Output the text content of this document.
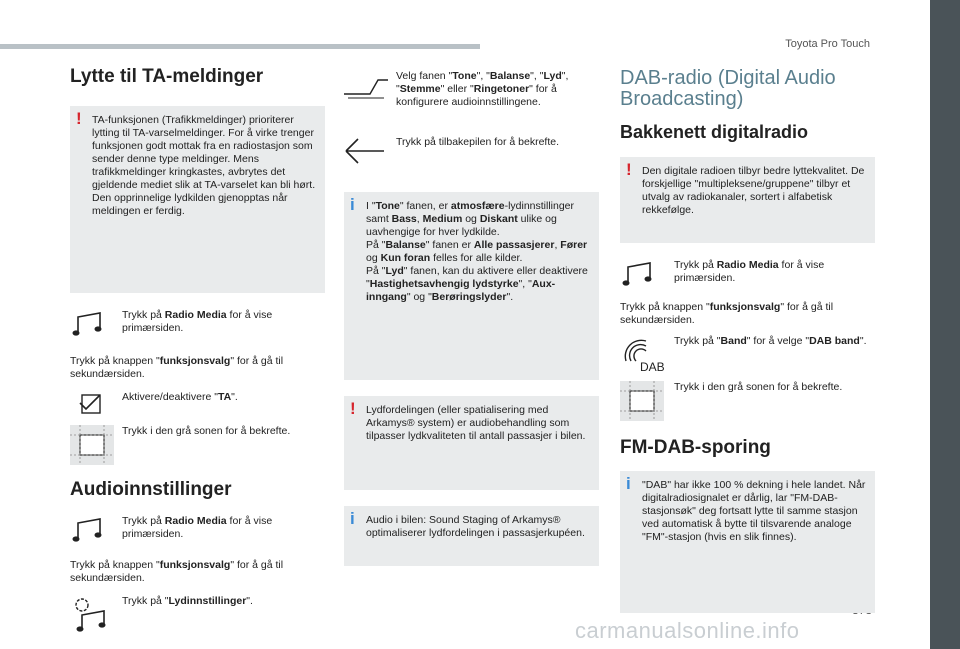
Toyota Pro Touch
carmanualsonline.info
Lytte til TA-meldinger
! TA-funksjonen (Trafikkmeldinger) prioriterer lytting til TA-varselmeldinger. For å virke trenger funksjonen godt mottak fra en radiostasjon som sender denne type meldinger. Mens trafikkmeldinger kringkastes, avbrytes det gjeldende mediet slik at TA-varselet kan bli hørt. Den opprinnelige lydkilden gjenopptas når meldingen er ferdig.
Trykk på Radio Media for å vise primærsiden.
Trykk på knappen "funksjonsvalg" for å gå til sekundærsiden.
Aktivere/deaktivere "TA".
Trykk i den grå sonen for å bekrefte.
Audioinnstillinger
Trykk på Radio Media for å vise primærsiden.
Trykk på knappen "funksjonsvalg" for å gå til sekundærsiden.
Trykk på "Lydinnstillinger".
Velg fanen "Tone", "Balanse", "Lyd", "Stemme" eller "Ringetoner" for å konfigurere audioinnstillingene.
Trykk på tilbakepilen for å bekrefte.
i I "Tone" fanen, er atmosfære-lydinnstillinger samt Bass, Medium og Diskant ulike og uavhengige for hver lydkilde.
På "Balanse" fanen er Alle passasjerer, Fører og Kun foran felles for alle kilder.
På "Lyd" fanen, kan du aktivere eller deaktivere "Hastighetsavhengig lydstyrke", "Aux-inngang" og "Berøringslyder".
! Lydfordelingen (eller spatialisering med Arkamys® system) er audiobehandling som tilpasser lydkvaliteten til antall passasjer i bilen.
i Audio i bilen: Sound Staging of Arkamys® optimaliserer lydfordelingen i passasjerkupéen.
DAB-radio (Digital Audio Broadcasting)
Bakkenett digitalradio
! Den digitale radioen tilbyr bedre lyttekvalitet. De forskjellige "multipleksene/gruppene" tilbyr et utvalg av radiokanaler, sortert i alfabetisk rekkefølge.
Trykk på Radio Media for å vise primærsiden.
Trykk på knappen "funksjonsvalg" for å gå til sekundærsiden.
DAB
Trykk på "Band" for å velge "DAB band".
Trykk i den grå sonen for å bekrefte.
FM-DAB-sporing
i "DAB" har ikke 100 % dekning i hele landet. Når digitalradiosignalet er dårlig, lar "FM-DAB-stasjonsøk" deg fortsatt lytte til samme stasjon ved automatisk å bytte til tilsvarende analoge "FM"-stasjon (hvis en slik finnes).
